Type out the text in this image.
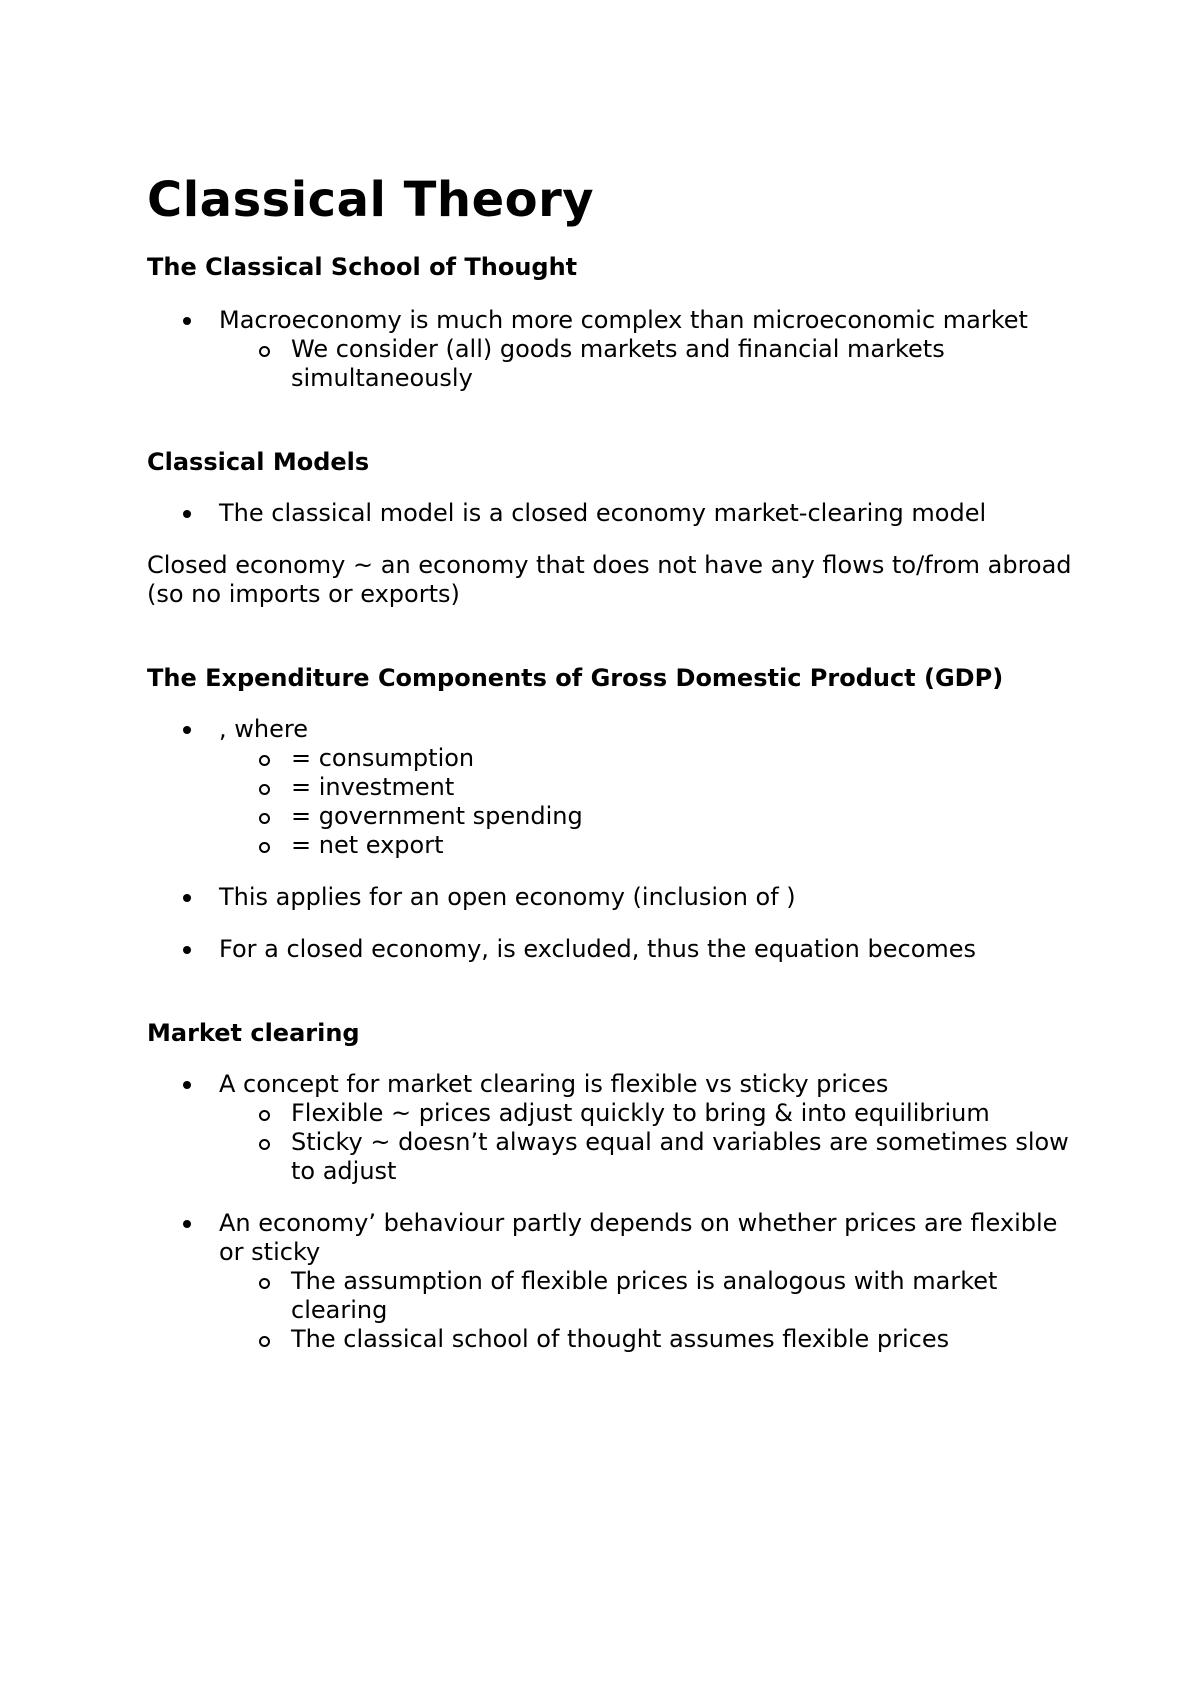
Classical Theory
The Classical School of Thought
Macroeconomy is much more complex than microeconomic market
We consider (all) goods markets and financial markets simultaneously
Classical Models
The classical model is a closed economy market-clearing model

Closed economy ~ an economy that does not have any flows to/from abroad (so no imports or exports)

The Expenditure Components of Gross Domestic Product (GDP)
, where
= consumption
= investment
= government spending
= net export
This applies for an open economy (inclusion of )
For a closed economy, is excluded, thus the equation becomes
Market clearing
A concept for market clearing is flexible vs sticky prices
Flexible ~ prices adjust quickly to bring & into equilibrium
Sticky ~ doesn’t always equal and variables are sometimes slow to adjust
An economy’ behaviour partly depends on whether prices are flexible or sticky
The assumption of flexible prices is analogous with market clearing
The classical school of thought assumes flexible prices
